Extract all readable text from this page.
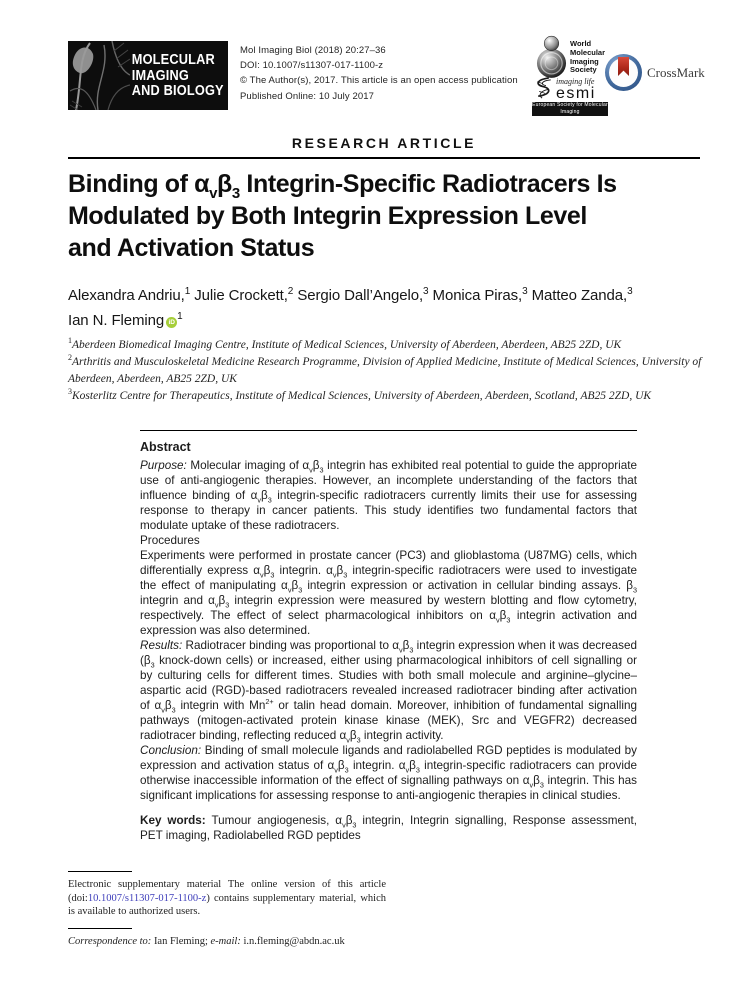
MOLECULAR
IMAGING
AND BIOLOGY
Mol Imaging Biol (2018) 20:27–36
DOI: 10.1007/s11307-017-1100-z
© The Author(s), 2017. This article is an open access publication
Published Online: 10 July 2017
World
Molecular
Imaging
Society
imaging life
esmi
European Society for Molecular Imaging
CrossMark
RESEARCH ARTICLE
Binding of $\alpha_v\beta_3$ Integrin-Specific Radiotracers Is
Modulated by Both Integrin Expression Level
and Activation Status
Alexandra Andriu,$^1$ Julie Crockett,$^2$ Sergio Dall’Angelo,$^3$ Monica Piras,$^3$ Matteo Zanda,$^3$
Ian N. Fleming $iD^1$
$^1$Aberdeen Biomedical Imaging Centre, Institute of Medical Sciences, University of Aberdeen, Aberdeen, AB25 2ZD, UK
$^2$Arthritis and Musculoskeletal Medicine Research Programme, Division of Applied Medicine, Institute of Medical Sciences, University of Aberdeen, Aberdeen, AB25 2ZD, UK
$^3$Kosterlitz Centre for Therapeutics, Institute of Medical Sciences, University of Aberdeen, Aberdeen, Scotland, AB25 2ZD, UK
Abstract

Purpose: Molecular imaging of $\alpha_v\beta_3$ integrin has exhibited real potential to guide the appropriate use of anti-angiogenic therapies. However, an incomplete understanding of the factors that influence binding of $\alpha_v\beta_3$ integrin-specific radiotracers currently limits their use for assessing response to therapy in cancer patients. This study identifies two fundamental factors that modulate uptake of these radiotracers.

Procedures

Experiments were performed in prostate cancer (PC3) and glioblastoma (U87MG) cells, which differentially express $\alpha_v\beta_3$ integrin. $\alpha_v\beta_3$ integrin-specific radiotracers were used to investigate the effect of manipulating $\alpha_v\beta_3$ integrin expression or activation in cellular binding assays. $\beta_3$ integrin and $\alpha_v\beta_3$ integrin expression were measured by western blotting and flow cytometry, respectively. The effect of select pharmacological inhibitors on $\alpha_v\beta_3$ integrin activation and expression was also determined.

Results: Radiotracer binding was proportional to $\alpha_v\beta_3$ integrin expression when it was decreased ($\beta_3$ knock-down cells) or increased, either using pharmacological inhibitors of cell signalling or by culturing cells for different times. Studies with both small molecule and arginine–glycine–aspartic acid (RGD)-based radiotracers revealed increased radiotracer binding after activation of $\alpha_v\beta_3$ integrin with $Mn^{2+}$ or talin head domain. Moreover, inhibition of fundamental signalling pathways (mitogen-activated protein kinase kinase (MEK), Src and VEGFR2) decreased radiotracer binding, reflecting reduced $\alpha_v\beta_3$ integrin activity.

Conclusion: Binding of small molecule ligands and radiolabelled RGD peptides is modulated by expression and activation status of $\alpha_v\beta_3$ integrin. $\alpha_v\beta_3$ integrin-specific radiotracers can provide otherwise inaccessible information of the effect of signalling pathways on $\alpha_v\beta_3$ integrin. This has significant implications for assessing response to anti-angiogenic therapies in clinical studies.

Key words: Tumour angiogenesis, $\alpha_v\beta_3$ integrin, Integrin signalling, Response assessment, PET imaging, Radiolabelled RGD peptides

Electronic supplementary material The online version of this article (doi:10.1007/s11307-017-1100-z) contains supplementary material, which is available to authorized users.

Correspondence to: Ian Fleming; e-mail: i.n.fleming@abdn.ac.uk
